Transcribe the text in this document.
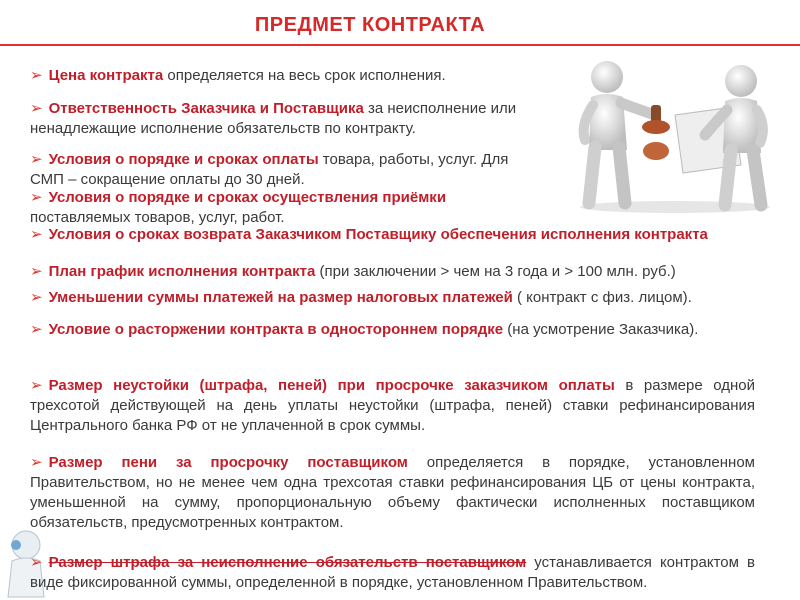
ПРЕДМЕТ КОНТРАКТА

➢ Цена контракта определяется на весь срок исполнения.

➢ Ответственность Заказчика и Поставщика за неисполнение или ненадлежащие исполнение обязательств по контракту.

➢ Условия о порядке и сроках оплаты товара, работы, услуг. Для СМП – сокращение оплаты до 30 дней.

➢ Условия о порядке и сроках осуществления приёмки поставляемых товаров, услуг, работ.

➢ Условия о сроках возврата Заказчиком Поставщику обеспечения исполнения контракта

➢ План график исполнения контракта (при заключении > чем на 3 года и > 100 млн. руб.)

➢ Уменьшении суммы платежей на размер налоговых платежей ( контракт с физ. лицом).

➢ Условие о расторжении контракта в одностороннем порядке (на усмотрение Заказчика).

➢ Размер неустойки (штрафа, пеней) при просрочке заказчиком оплаты в размере одной трехсотой действующей на день уплаты неустойки (штрафа, пеней) ставки рефинансирования Центрального банка РФ от не уплаченной в срок суммы.

➢ Размер пени за просрочку поставщиком определяется в порядке, установленном Правительством, но не менее чем одна трехсотая ставки рефинансирования ЦБ от цены контракта, уменьшенной на сумму, пропорциональную объему фактически исполненных поставщиком обязательств, предусмотренных контрактом.

➢ Размер штрафа за неисполнение обязательств поставщиком устанавливается контрактом в виде фиксированной суммы, определенной в порядке, установленном Правительством.
